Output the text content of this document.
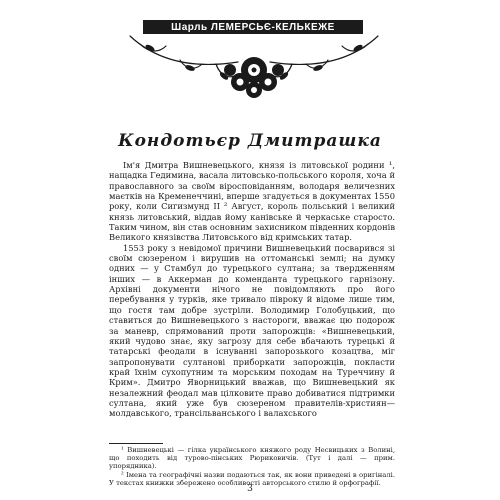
Шарль ЛЕМЕРСЬЄ-КЕЛЬКЕЖЕ
Кондотьєр Дмитрашка

Ім'я Дмитра Вишневецького, князя із литовської родини ¹, нащадка Гедимина, васала литовсько-польського короля, хоча й православного за своїм віросповіданням, володаря величезних маєтків на Кременеччині, вперше згадується в документах 1550 року, коли Сигизмунд ІІ ² Август, король польський і великий князь литовський, віддав йому канівське й черкаське старосто. Таким чином, він став основним захисником південних кордонів Великого князівства Литовського від кримських татар.

1553 року з невідомої причини Вишневецький посварився зі своїм сюзереном і вирушив на оттоманські землі; на думку одних — у Стамбул до турецького султана; за твердженням інших — в Аккерман до коменданта турецького гарнізону. Архівні документи нічого не повідомляють про його перебування у турків, яке тривало півроку й відоме лише тим, що гостя там добре зустріли. Володимир Голобуцький, що ставиться до Вишневецького з настороги, вважає цю подорож за маневр, спрямований проти запорожців: «Вишневецький, який чудово знає, яку загрозу для себе вбачають турецькі й татарські феодали в існуванні запорозького козацтва, міг запропонувати султанові приборкати запорожців, покласти край їхнім сухопутним та морським походам на Туреччину й Крим». Дмитро Яворницький вважав, що Вишневецький як незалежний феодал мав цілковите право добиватися підтримки султана, який уже був сюзереном правителів-християн—молдавського, трансільванського і валахського

¹ Вишневецькі — гілка українського княжого роду Несвицьких з Волині, що походить від турово-пінських Рюриковичів. (Тут і далі — прим. упорядника).

² Імена та географічні назви подаються так, як вони приведені в оригіналі. У текстах книжки збережено особливості авторського стилю й орфографії.

3
